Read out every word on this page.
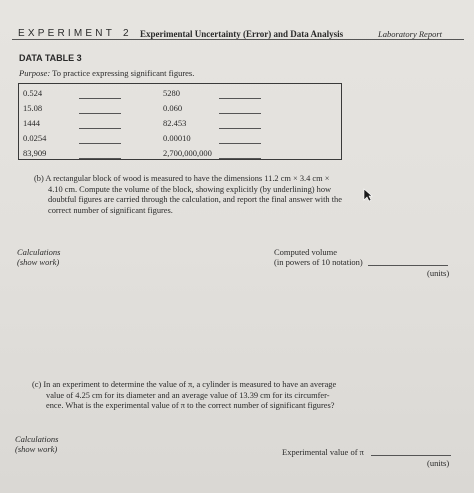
EXPERIMENT 2 Experimental Uncertainty (Error) and Data Analysis	Laboratory Report
DATA TABLE 3
Purpose: To practice expressing significant figures.
0.524
15.08
1444
0.0254
83,909
5280
0.060
82.453
0.00010
2,700,000,000
(b) A rectangular block of wood is measured to have the dimensions 11.2 cm × 3.4 cm ×
4.10 cm. Compute the volume of the block, showing explicitly (by underlining) how
doubtful figures are carried through the calculation, and report the final answer with the
correct number of significant figures.
Calculations
(show work)
Computed volume
(in powers of 10 notation)
(units)
(c) In an experiment to determine the value of π, a cylinder is measured to have an average
value of 4.25 cm for its diameter and an average value of 13.39 cm for its circumfer-
ence. What is the experimental value of π to the correct number of significant figures?
Calculations
(show work)	Experimental value of π
(units)
